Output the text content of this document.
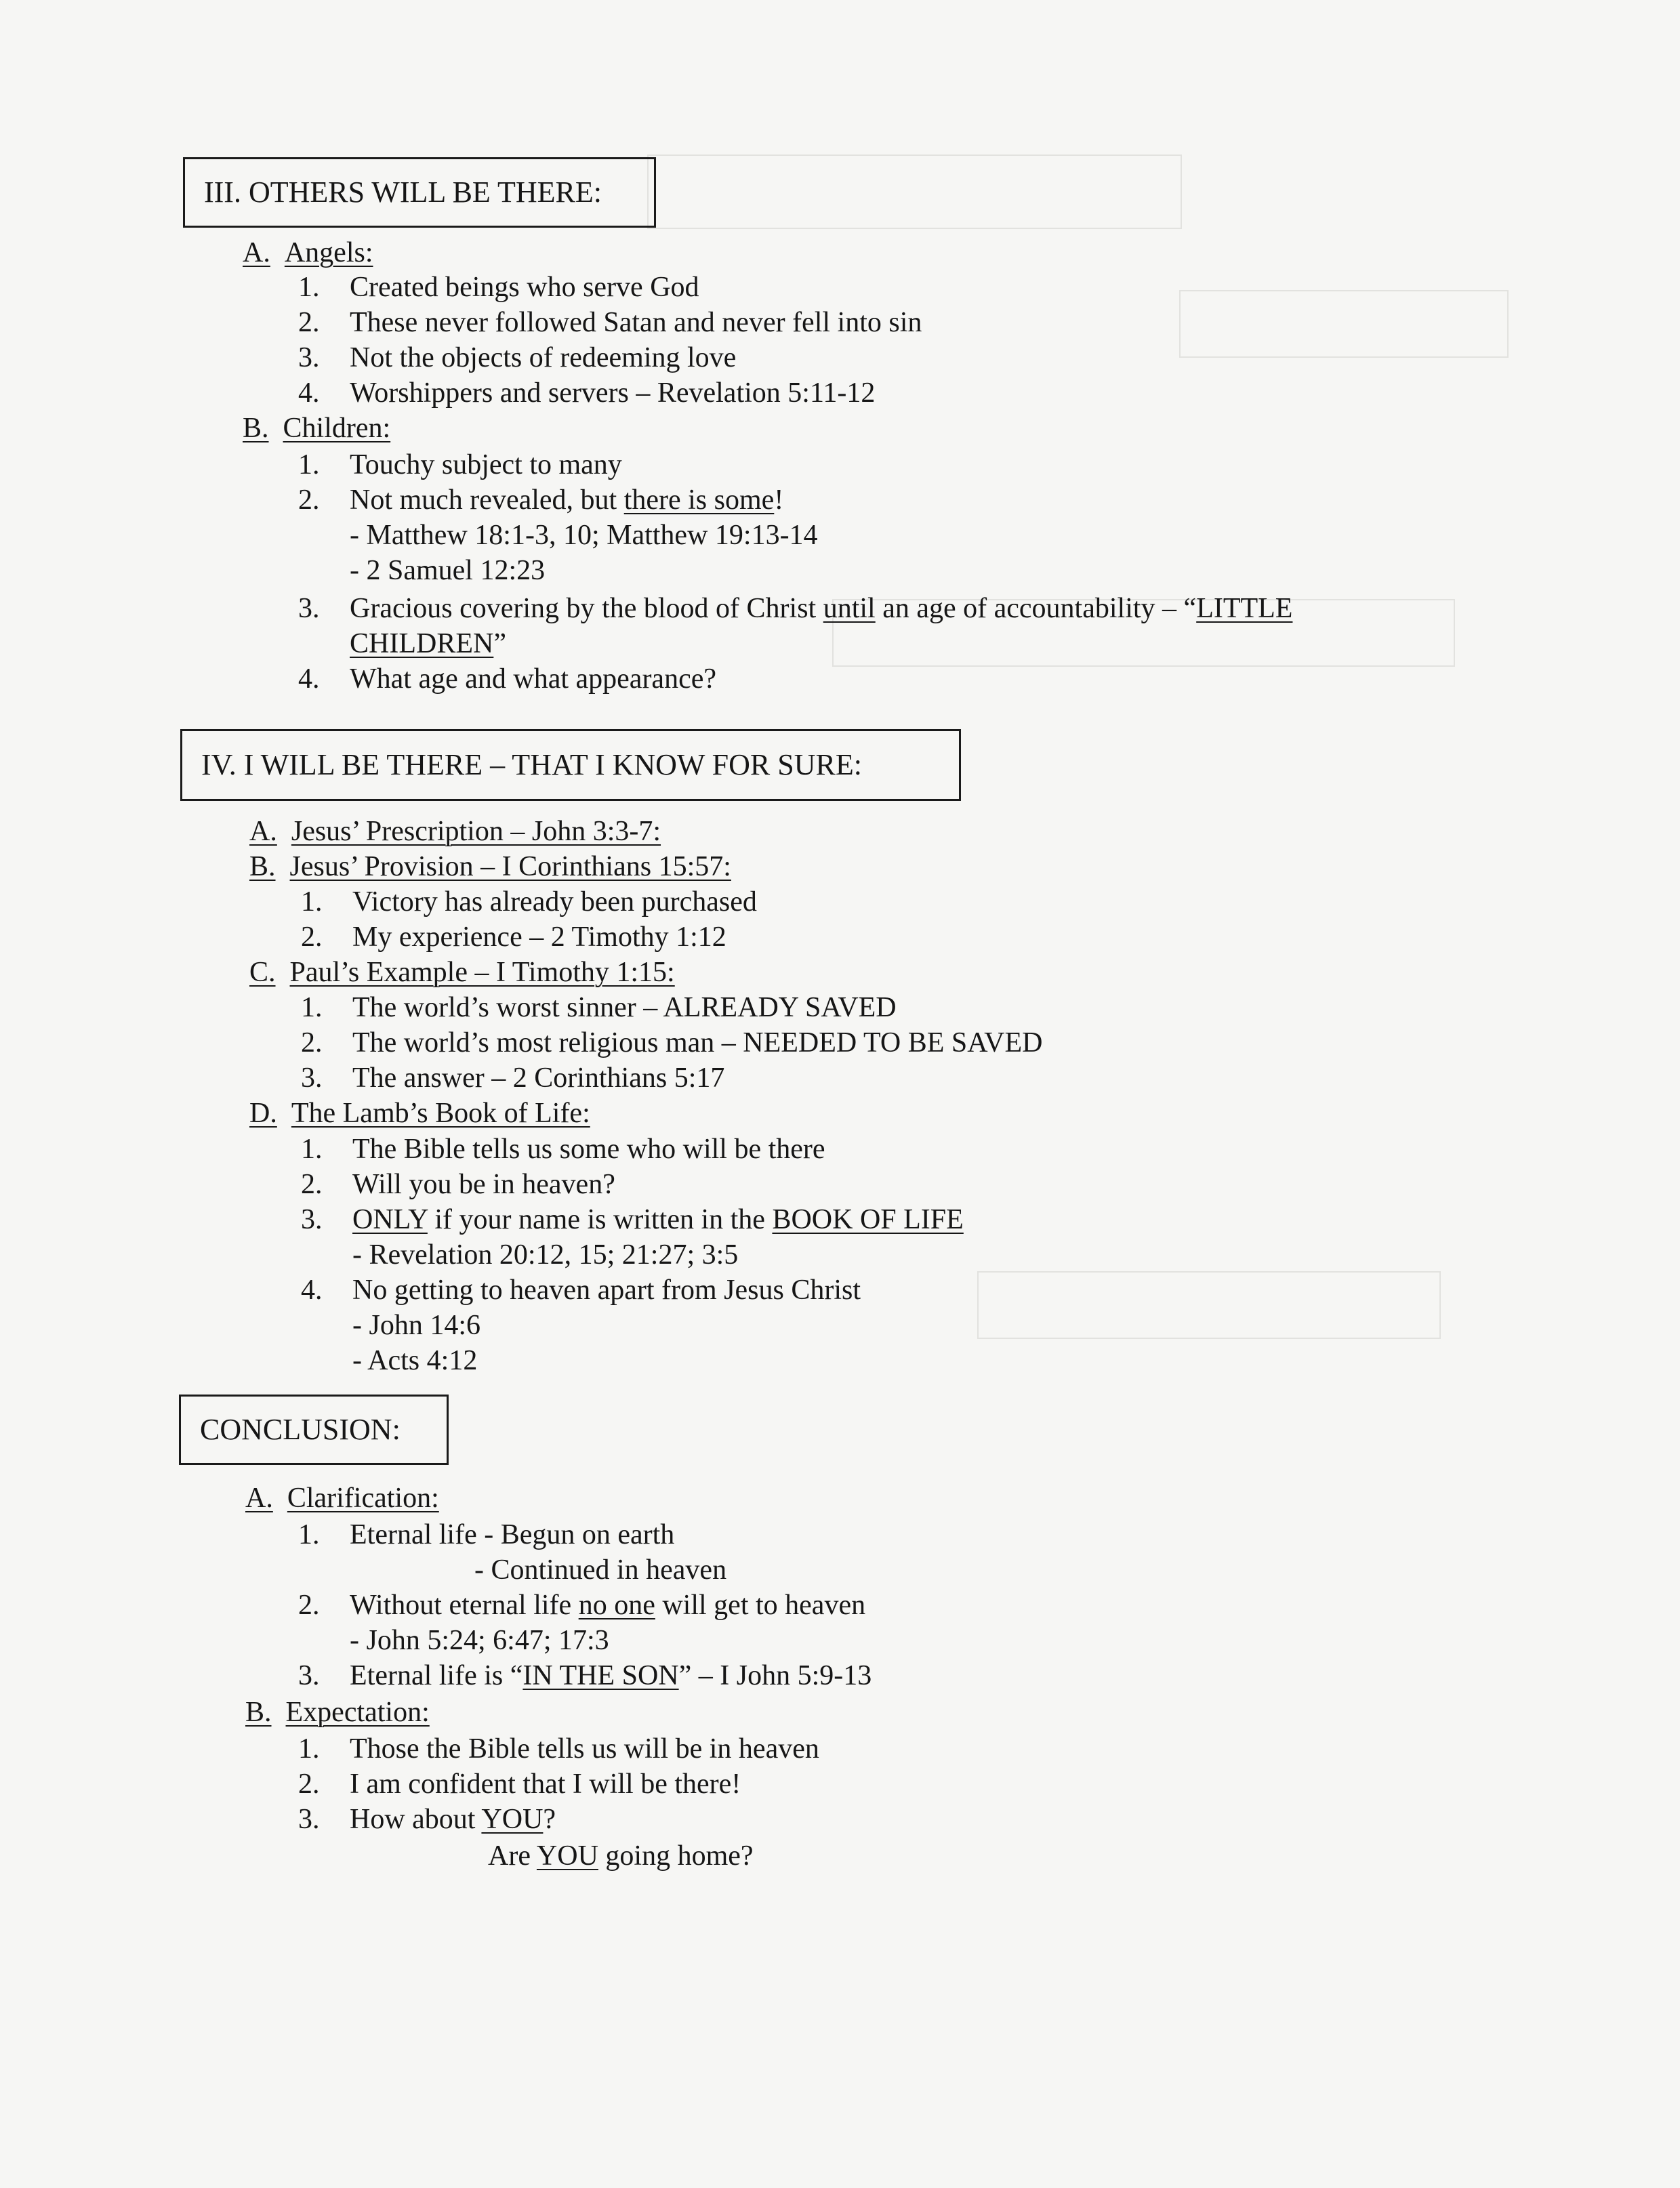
III. OTHERS WILL BE THERE:
A. Angels:
1. Created beings who serve God
2. These never followed Satan and never fell into sin
3. Not the objects of redeeming love
4. Worshippers and servers – Revelation 5:11-12
B. Children:
1. Touchy subject to many
2. Not much revealed, but there is some!
- Matthew 18:1-3, 10; Matthew 19:13-14
- 2 Samuel 12:23
3. Gracious covering by the blood of Christ until an age of accountability – “LITTLE
CHILDREN”
4. What age and what appearance?
IV. I WILL BE THERE – THAT I KNOW FOR SURE:
A. Jesus’ Prescription – John 3:3-7:
B. Jesus’ Provision – I Corinthians 15:57:
1. Victory has already been purchased
2. My experience – 2 Timothy 1:12
C. Paul’s Example – I Timothy 1:15:
1. The world’s worst sinner – ALREADY SAVED
2. The world’s most religious man – NEEDED TO BE SAVED
3. The answer – 2 Corinthians 5:17
D. The Lamb’s Book of Life:
1. The Bible tells us some who will be there
2. Will you be in heaven?
3. ONLY if your name is written in the BOOK OF LIFE
- Revelation 20:12, 15; 21:27; 3:5
4. No getting to heaven apart from Jesus Christ
- John 14:6
- Acts 4:12
CONCLUSION:
A. Clarification:
1. Eternal life - Begun on earth
- Continued in heaven
2. Without eternal life no one will get to heaven
- John 5:24; 6:47; 17:3
3. Eternal life is “IN THE SON” – I John 5:9-13
B. Expectation:
1. Those the Bible tells us will be in heaven
2. I am confident that I will be there!
3. How about YOU?
Are YOU going home?
